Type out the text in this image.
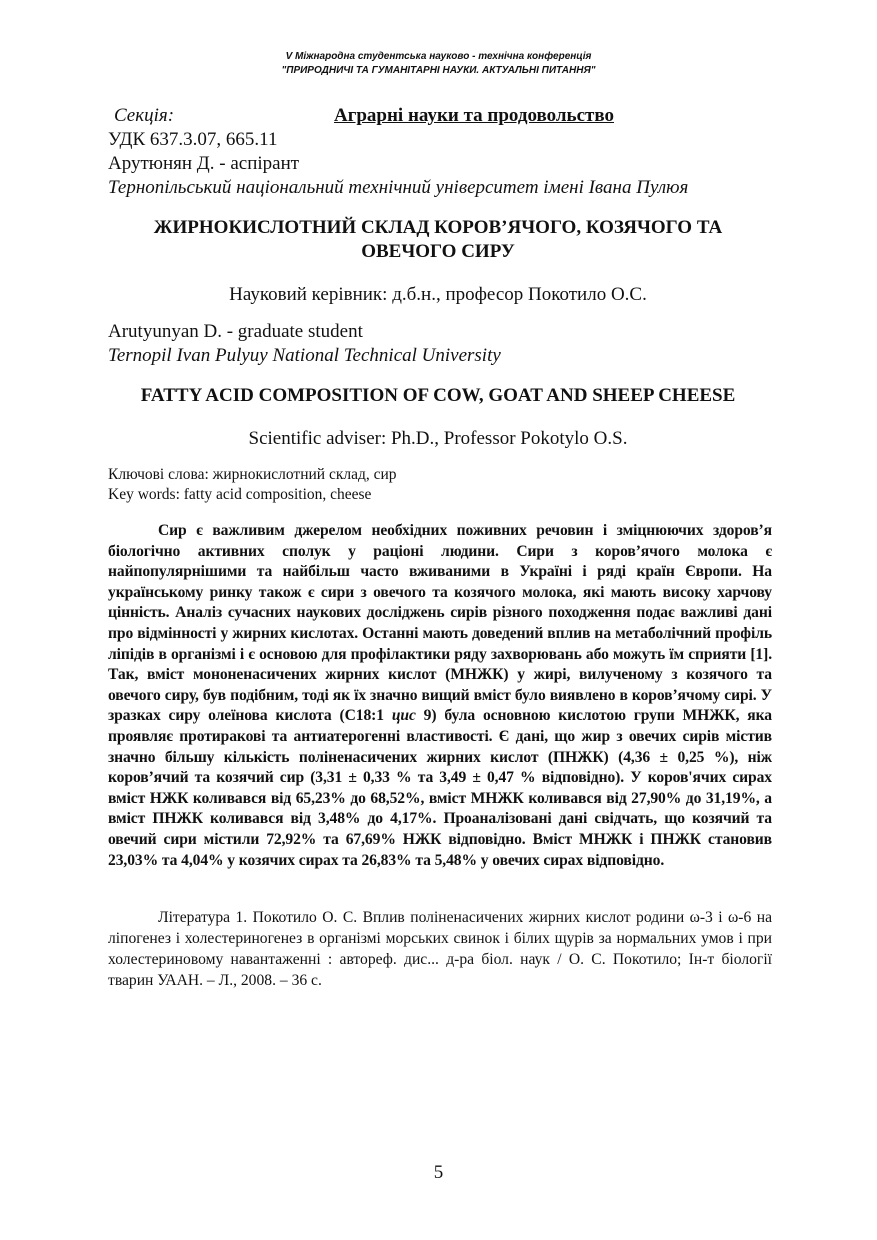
V Міжнародна студентська науково - технічна конференція
"ПРИРОДНИЧІ ТА ГУМАНІТАРНІ НАУКИ. АКТУАЛЬНІ ПИТАННЯ"
Секція:	Аграрні науки та продовольство
УДК 637.3.07, 665.11
Арутюнян Д. - аспірант
Тернопільський національний технічний університет імені Івана Пулюя
ЖИРНОКИСЛОТНИЙ СКЛАД КОРОВ’ЯЧОГО, КОЗЯЧОГО ТА
ОВЕЧОГО СИРУ
Науковий керівник: д.б.н., професор Покотило О.С.
Arutyunyan D. - graduate student
Ternopil Ivan Pulyuy National Technical University
FATTY ACID COMPOSITION OF COW, GOAT AND SHEEP CHEESE
Scientific adviser: Ph.D., Professor Pokotylo O.S.
Ключові слова: жирнокислотний склад, сир
Key words: fatty acid composition, cheese

Сир є важливим джерелом необхідних поживних речовин і зміцнюючих здоров’я біологічно активних сполук у раціоні людини. Сири з коров’ячого молока є найпопулярнішими та найбільш часто вживаними в Україні і ряді країн Європи. На українському ринку також є сири з овечого та козячого молока, які мають високу харчову цінність. Аналіз сучасних наукових досліджень сирів різного походження подає важливі дані про відмінності у жирних кислотах. Останні мають доведений вплив на метаболічний профіль ліпідів в організмі і є основою для профілактики ряду захворювань або можуть їм сприяти [1]. Так, вміст мононенасичених жирних кислот (МНЖК) у жирі, вилученому з козячого та овечого сиру, був подібним, тоді як їх значно вищий вміст було виявлено в коров’ячому сирі. У зразках сиру олеїнова кислота (С18:1 цис 9) була основною кислотою групи МНЖК, яка проявляє протиракові та антиатерогенні властивості. Є дані, що жир з овечих сирів містив значно більшу кількість поліненасичених жирних кислот (ПНЖК) (4,36 ± 0,25 %), ніж коров’ячий та козячий сир (3,31 ± 0,33 % та 3,49 ± 0,47 % відповідно). У коров'ячих сирах вміст НЖК коливався від 65,23% до 68,52%, вміст МНЖК коливався від 27,90% до 31,19%, а вміст ПНЖК коливався від 3,48% до 4,17%. Проаналізовані дані свідчать, що козячий та овечий сири містили 72,92% та 67,69% НЖК відповідно. Вміст МНЖК і ПНЖК становив 23,03% та 4,04% у козячих сирах та 26,83% та 5,48% у овечих сирах відповідно.

Література 1. Покотило О. С. Вплив поліненасичених жирних кислот родини ω-3 і ω-6 на ліпогенез і холестериногенез в організмі морських свинок і білих щурів за нормальних умов і при холестериновому навантаженні : автореф. дис... д-ра біол. наук / О. С. Покотило; Ін-т біології тварин УААН. – Л., 2008. – 36 с.

5
